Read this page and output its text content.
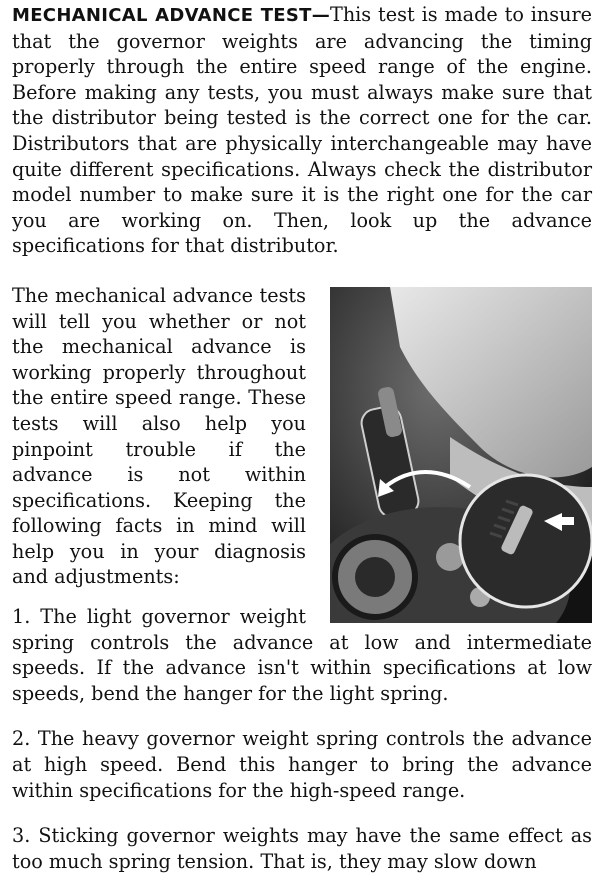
MECHANICAL ADVANCE TEST—This test is made to insure that the governor weights are advancing the timing properly through the entire speed range of the engine. Before making any tests, you must always make sure that the distributor being tested is the correct one for the car. Distributors that are physically interchangeable may have quite different specifications. Always check the distributor model number to make sure it is the right one for the car you are working on. Then, look up the advance specifications for that distributor.

The mechanical advance tests will tell you whether or not the mechanical advance is working properly throughout the entire speed range. These tests will also help you pinpoint trouble if the advance is not within specifications. Keeping the following facts in mind will help you in your diagnosis and adjustments:

1. The light governor weight spring controls the advance at low and intermediate speeds. If the advance isn't within specifications at low speeds, bend the hanger for the light spring.

2. The heavy governor weight spring controls the advance at high speed. Bend this hanger to bring the advance within specifications for the high-speed range.

3. Sticking governor weights may have the same effect as too much spring tension. That is, they may slow down
